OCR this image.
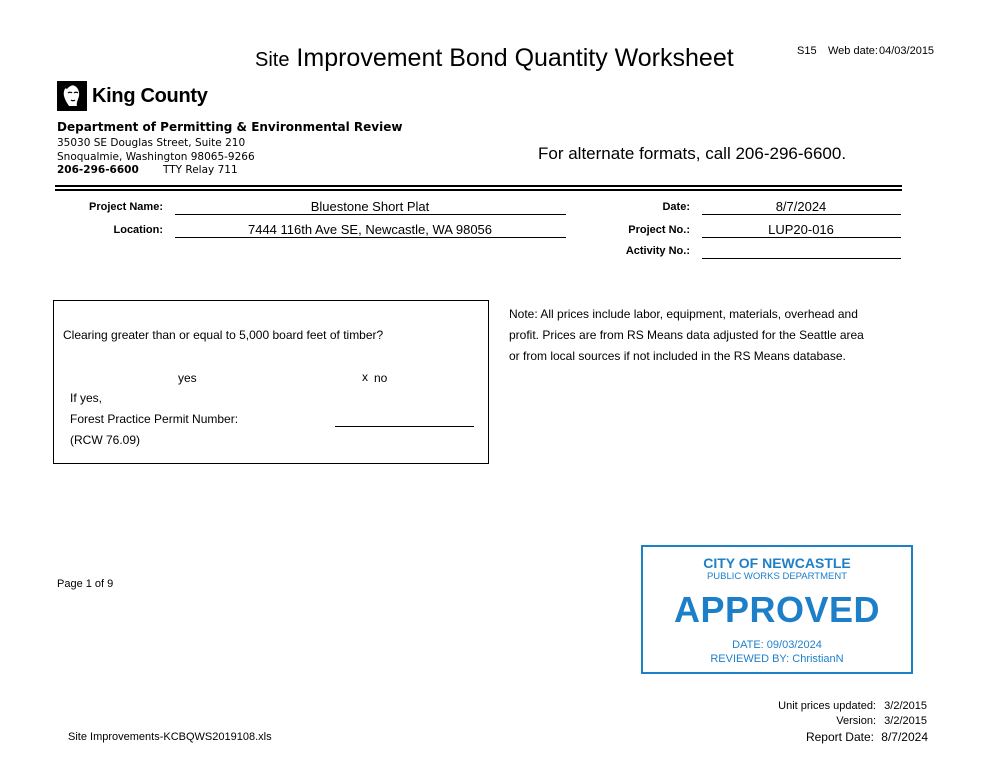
Site Improvement Bond Quantity Worksheet	S15 Web date: 04/03/2015
King County
Department of Permitting & Environmental Review
35030 SE Douglas Street, Suite 210
Snoqualmie, Washington 98065-9266
206-296-6600 TTY Relay 711
For alternate formats, call 206-296-6600.
Project Name:	Bluestone Short Plat
Location:	7444 116th Ave SE, Newcastle, WA 98056
Date:	8/7/2024
Project No.:	LUP20-016
Activity No.:
Clearing greater than or equal to 5,000 board feet of timber?
yes	x no
If yes,
Forest Practice Permit Number:
(RCW 76.09)
Note: All prices include labor, equipment, materials, overhead and
profit. Prices are from RS Means data adjusted for the Seattle area
or from local sources if not included in the RS Means database.
CITY OF NEWCASTLE
PUBLIC WORKS DEPARTMENT
APPROVED
DATE: 09/03/2024
REVIEWED BY: ChristianN
Page 1 of 9
Site Improvements-KCBQWS2019108.xls
Unit prices updated: 3/2/2015
Version: 3/2/2015
Report Date: 8/7/2024
